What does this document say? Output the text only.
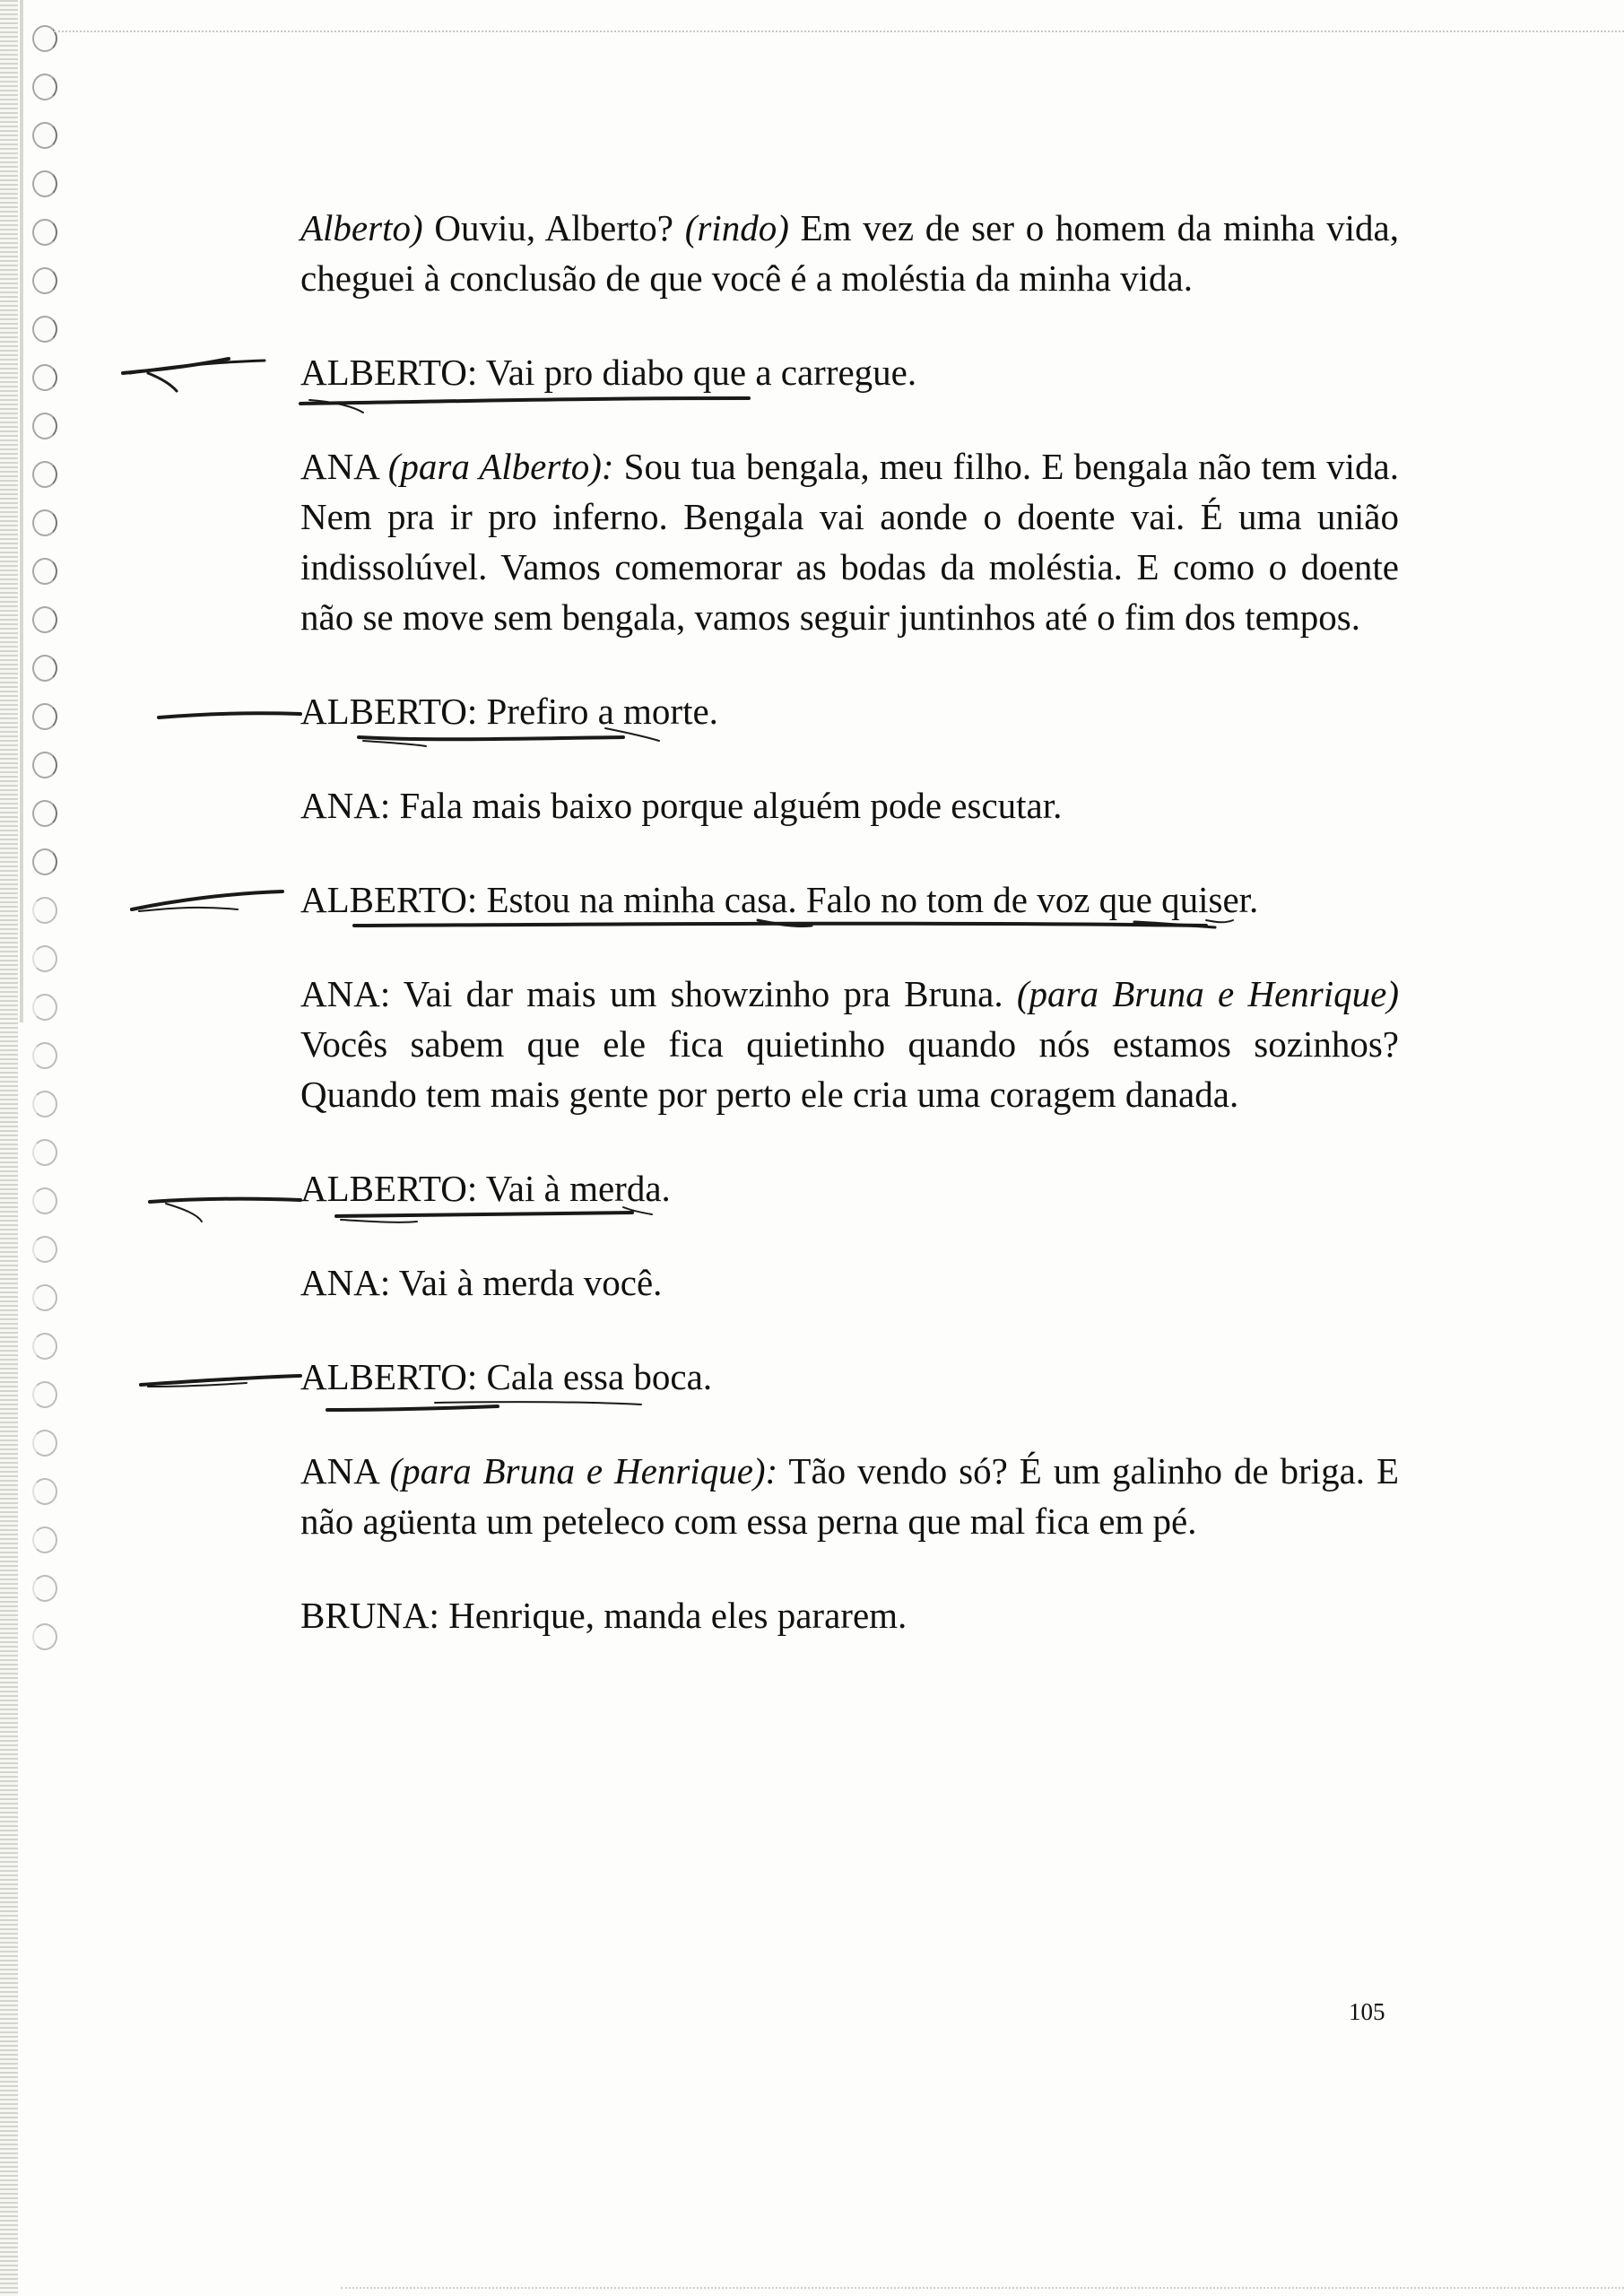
Alberto) Ouviu, Alberto? (rindo) Em vez de ser o homem da minha vida, cheguei à conclusão de que você é a moléstia da minha vida.

ALBERTO: Vai pro diabo que a carregue.

ANA (para Alberto): Sou tua bengala, meu filho. E bengala não tem vida. Nem pra ir pro inferno. Bengala vai aonde o doente vai. É uma união indissolúvel. Vamos comemorar as bodas da moléstia. E como o doente não se move sem bengala, vamos seguir juntinhos até o fim dos tempos.

ALBERTO: Prefiro a morte.

ANA: Fala mais baixo porque alguém pode escutar.

ALBERTO: Estou na minha casa. Falo no tom de voz que quiser.

ANA: Vai dar mais um showzinho pra Bruna. (para Bruna e Henrique) Vocês sabem que ele fica quietinho quando nós estamos sozinhos? Quando tem mais gente por perto ele cria uma coragem danada.

ALBERTO: Vai à merda.

ANA: Vai à merda você.

ALBERTO: Cala essa boca.

ANA (para Bruna e Henrique): Tão vendo só? É um galinho de briga. E não agüenta um peteleco com essa perna que mal fica em pé.

BRUNA: Henrique, manda eles pararem.

105
